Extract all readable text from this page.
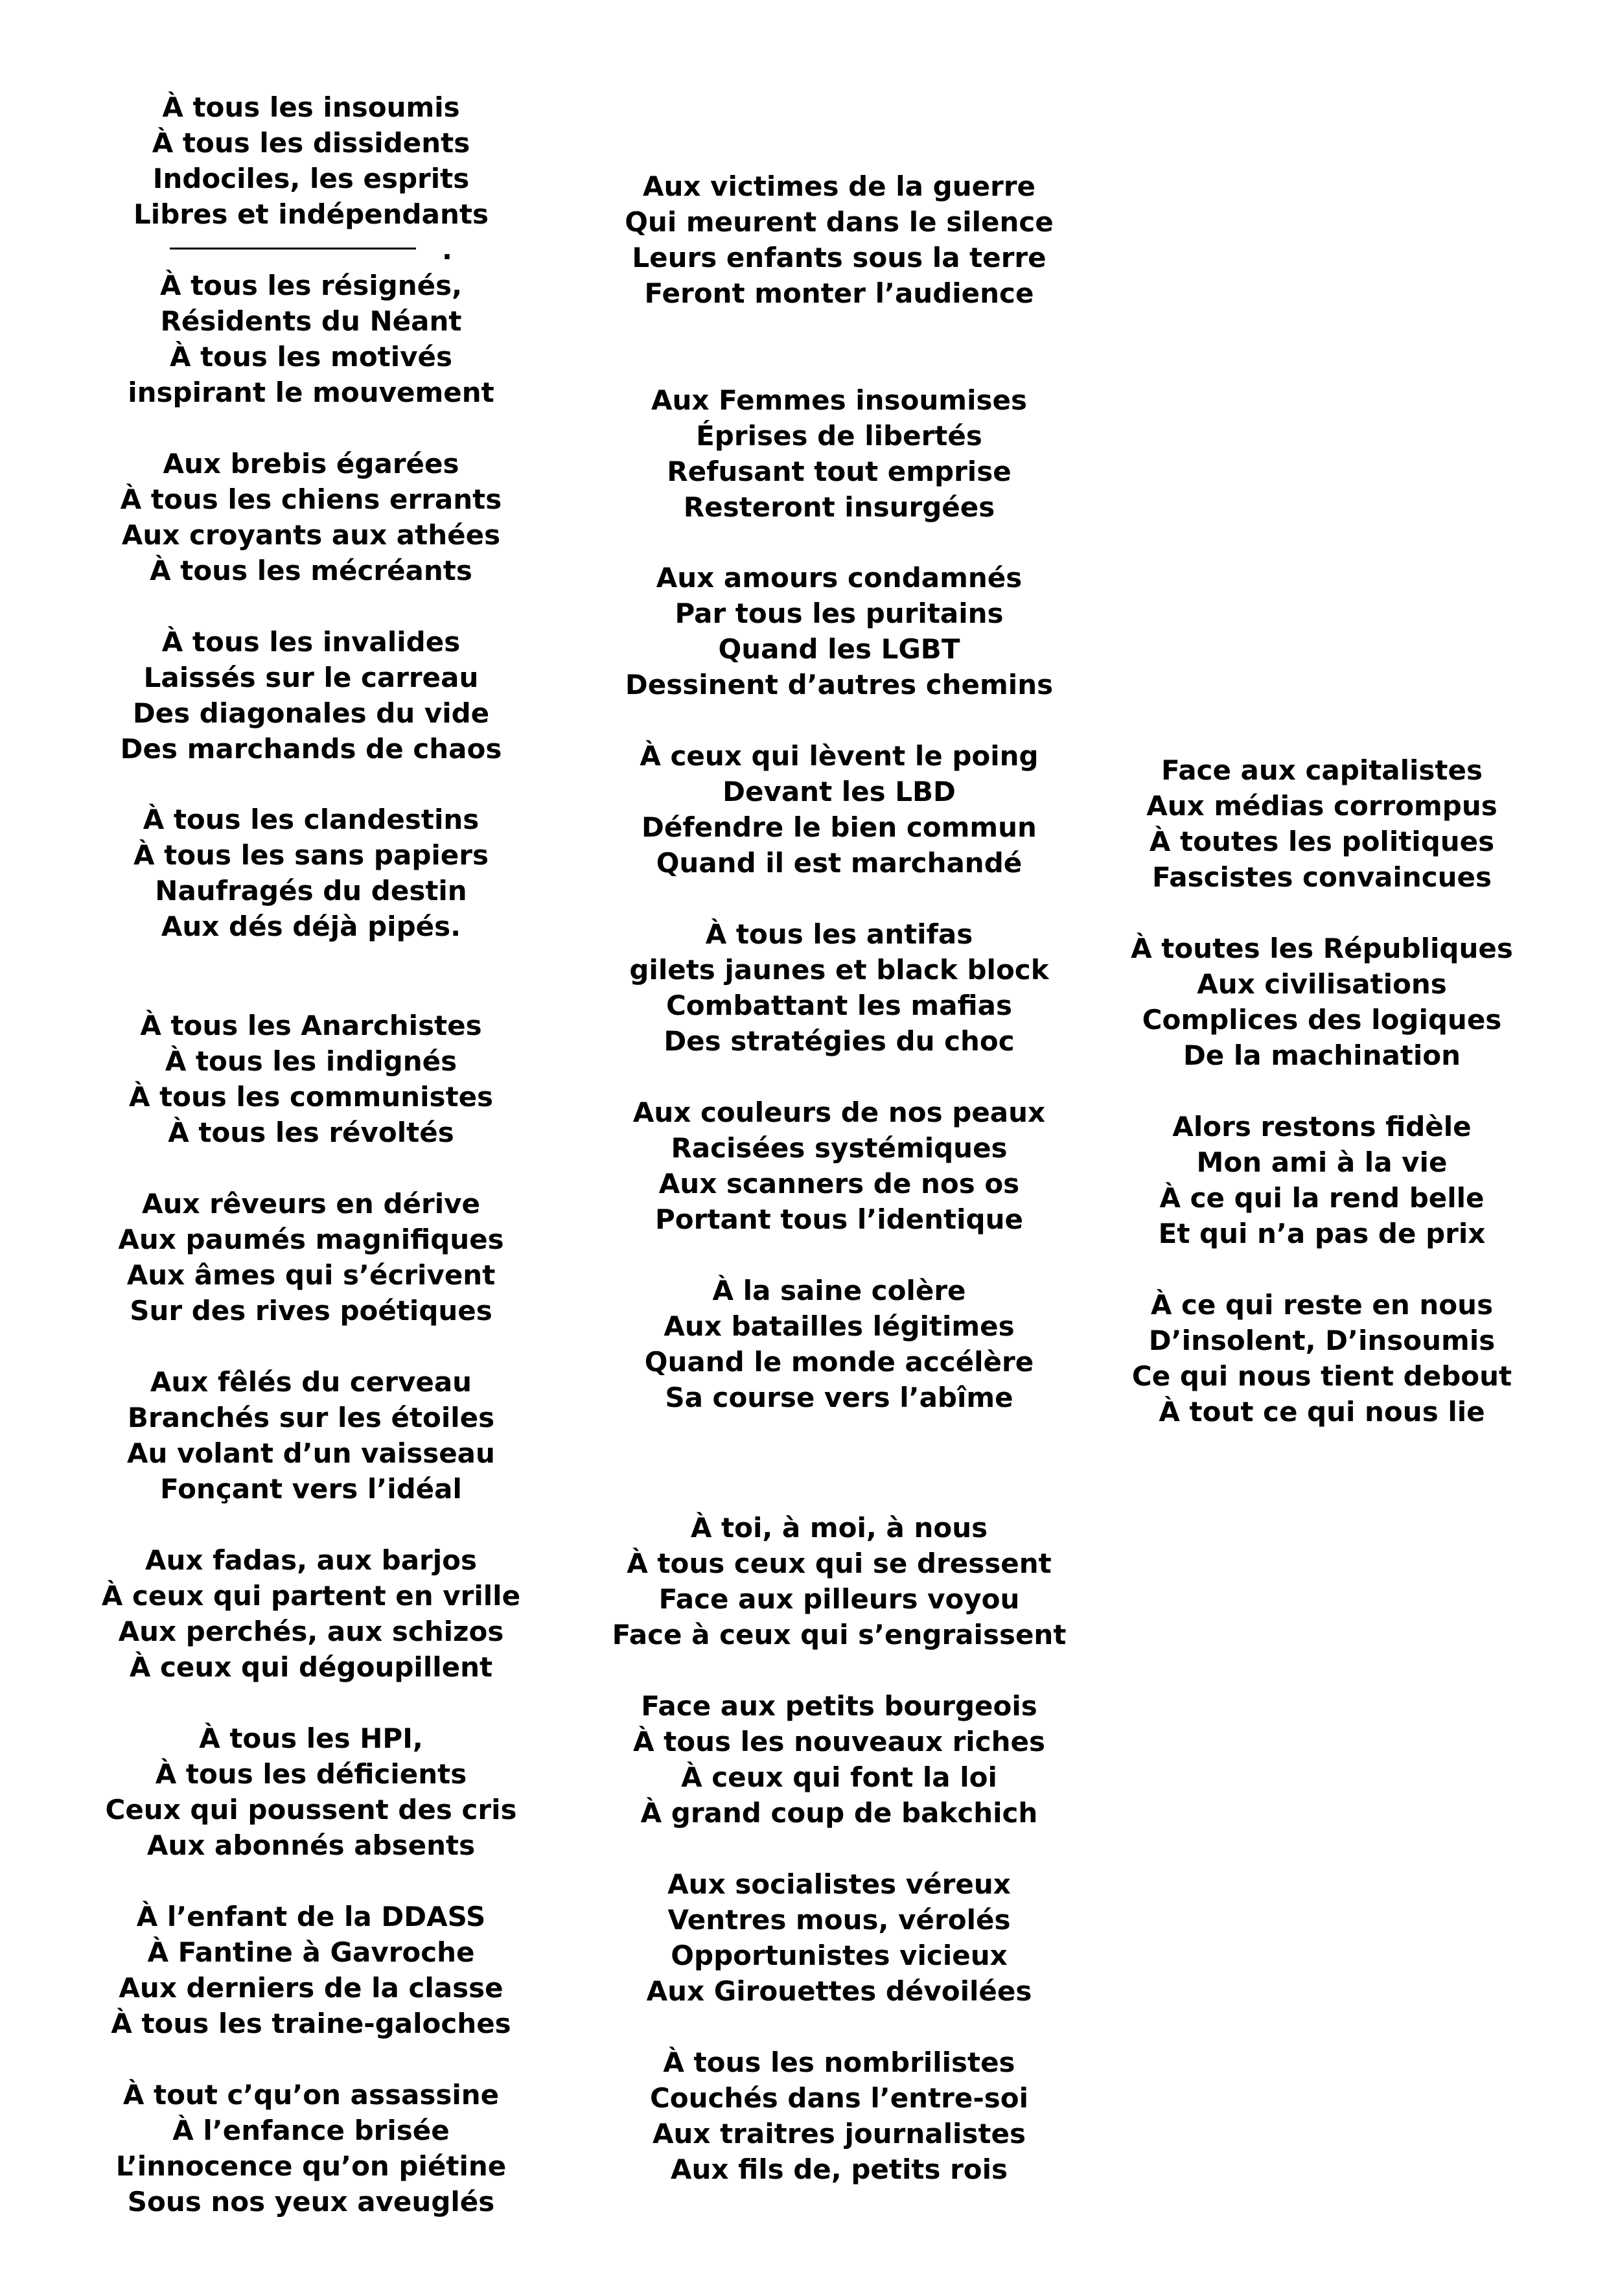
À tous les insoumis
À tous les dissidents
Indociles, les esprits
Libres et indépendants
.
À tous les résignés,
Résidents du Néant
À tous les motivés
inspirant le mouvement
Aux brebis égarées
À tous les chiens errants
Aux croyants aux athées
À tous les mécréants
À tous les invalides
Laissés sur le carreau
Des diagonales du vide
Des marchands de chaos
À tous les clandestins
À tous les sans papiers
Naufragés du destin
Aux dés déjà pipés.
À tous les Anarchistes
À tous les indignés
À tous les communistes
À tous les révoltés
Aux rêveurs en dérive
Aux paumés magnifiques
Aux âmes qui s’écrivent
Sur des rives poétiques
Aux fêlés du cerveau
Branchés sur les étoiles
Au volant d’un vaisseau
Fonçant vers l’idéal
Aux fadas, aux barjos
À ceux qui partent en vrille
Aux perchés, aux schizos
À ceux qui dégoupillent
À tous les HPI,
À tous les déficients
Ceux qui poussent des cris
Aux abonnés absents
À l’enfant de la DDASS
À Fantine à Gavroche
Aux derniers de la classe
À tous les traine-galoches
À tout c’qu’on assassine
À l’enfance brisée
L’innocence qu’on piétine
Sous nos yeux aveuglés
Aux victimes de la guerre
Qui meurent dans le silence
Leurs enfants sous la terre
Feront monter l’audience
Aux Femmes insoumises
Éprises de libertés
Refusant tout emprise
Resteront insurgées
Aux amours condamnés
Par tous les puritains
Quand les LGBT
Dessinent d’autres chemins
À ceux qui lèvent le poing
Devant les LBD
Défendre le bien commun
Quand il est marchandé
À tous les antifas
gilets jaunes et black block
Combattant les mafias
Des stratégies du choc
Aux couleurs de nos peaux
Racisées systémiques
Aux scanners de nos os
Portant tous l’identique
À la saine colère
Aux batailles légitimes
Quand le monde accélère
Sa course vers l’abîme
À toi, à moi, à nous
À tous ceux qui se dressent
Face aux pilleurs voyou
Face à ceux qui s’engraissent
Face aux petits bourgeois
À tous les nouveaux riches
À ceux qui font la loi
À grand coup de bakchich
Aux socialistes véreux
Ventres mous, vérolés
Opportunistes vicieux
Aux Girouettes dévoilées
À tous les nombrilistes
Couchés dans l’entre-soi
Aux traitres journalistes
Aux fils de, petits rois
Face aux capitalistes
Aux médias corrompus
À toutes les politiques
Fascistes convaincues
À toutes les Républiques
Aux civilisations
Complices des logiques
De la machination
Alors restons fidèle
Mon ami à la vie
À ce qui la rend belle
Et qui n’a pas de prix
À ce qui reste en nous
D’insolent, D’insoumis
Ce qui nous tient debout
À tout ce qui nous lie
